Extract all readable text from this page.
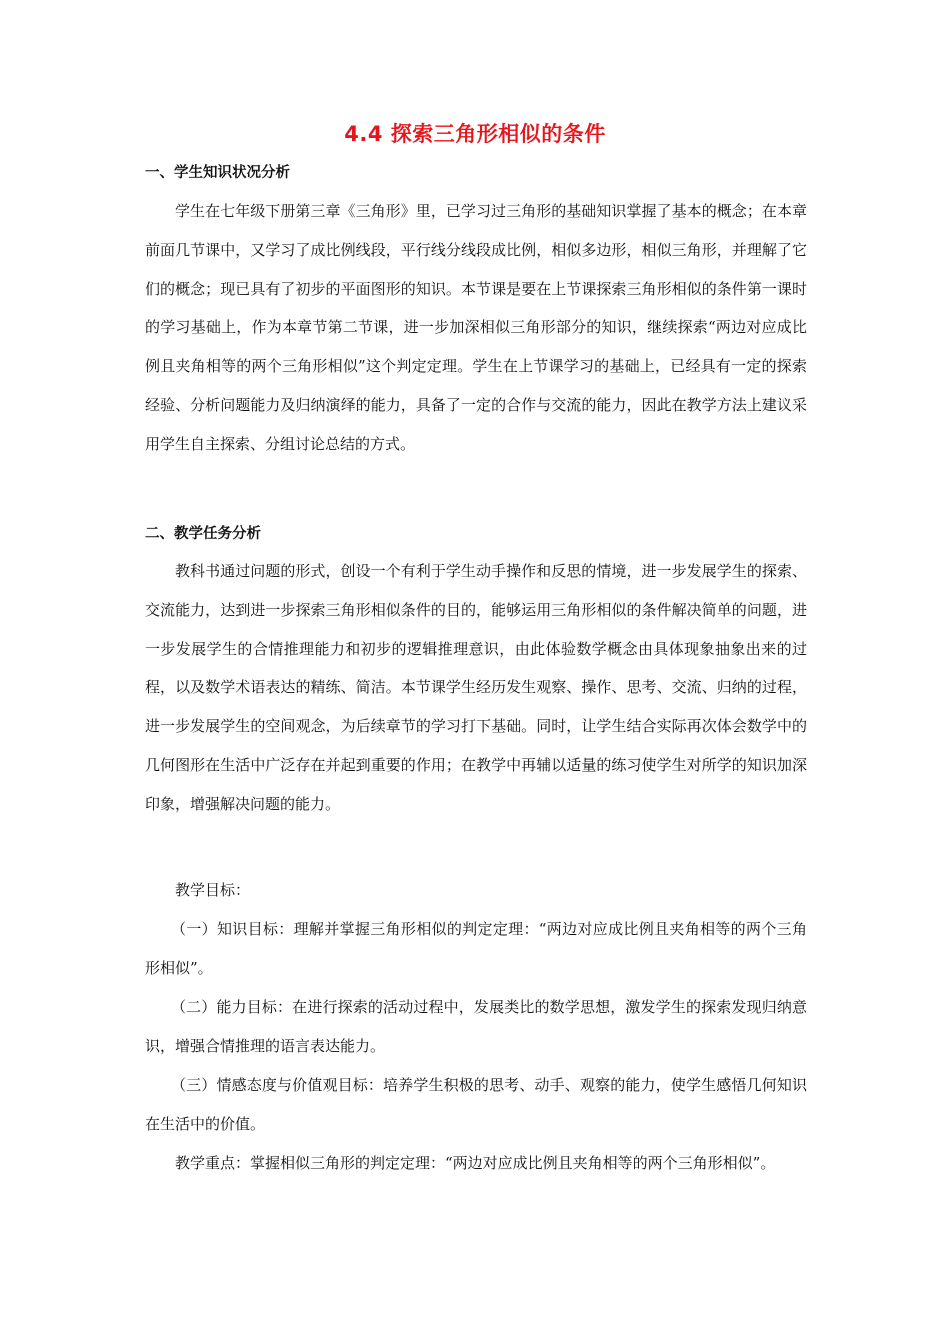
4.4 探索三角形相似的条件
一、学生知识状况分析

学生在七年级下册第三章《三角形》里，已学习过三角形的基础知识掌握了基本的概念；在本章前面几节课中，又学习了成比例线段，平行线分线段成比例，相似多边形，相似三角形，并理解了它们的概念；现已具有了初步的平面图形的知识。本节课是要在上节课探索三角形相似的条件第一课时的学习基础上，作为本章节第二节课，进一步加深相似三角形部分的知识，继续探索“两边对应成比例且夹角相等的两个三角形相似”这个判定定理。学生在上节课学习的基础上，已经具有一定的探索经验、分析问题能力及归纳演绎的能力，具备了一定的合作与交流的能力，因此在教学方法上建议采用学生自主探索、分组讨论总结的方式。

二、教学任务分析

教科书通过问题的形式，创设一个有利于学生动手操作和反思的情境，进一步发展学生的探索、交流能力，达到进一步探索三角形相似条件的目的，能够运用三角形相似的条件解决简单的问题，进一步发展学生的合情推理能力和初步的逻辑推理意识，由此体验数学概念由具体现象抽象出来的过程，以及数学术语表达的精练、简洁。本节课学生经历发生观察、操作、思考、交流、归纳的过程，进一步发展学生的空间观念，为后续章节的学习打下基础。同时，让学生结合实际再次体会数学中的几何图形在生活中广泛存在并起到重要的作用；在教学中再辅以适量的练习使学生对所学的知识加深印象，增强解决问题的能力。

教学目标：

（一）知识目标：理解并掌握三角形相似的判定定理：“两边对应成比例且夹角相等的两个三角形相似”。

（二）能力目标：在进行探索的活动过程中，发展类比的数学思想，激发学生的探索发现归纳意识，增强合情推理的语言表达能力。

（三）情感态度与价值观目标：培养学生积极的思考、动手、观察的能力，使学生感悟几何知识在生活中的价值。

教学重点：掌握相似三角形的判定定理：“两边对应成比例且夹角相等的两个三角形相似”。
